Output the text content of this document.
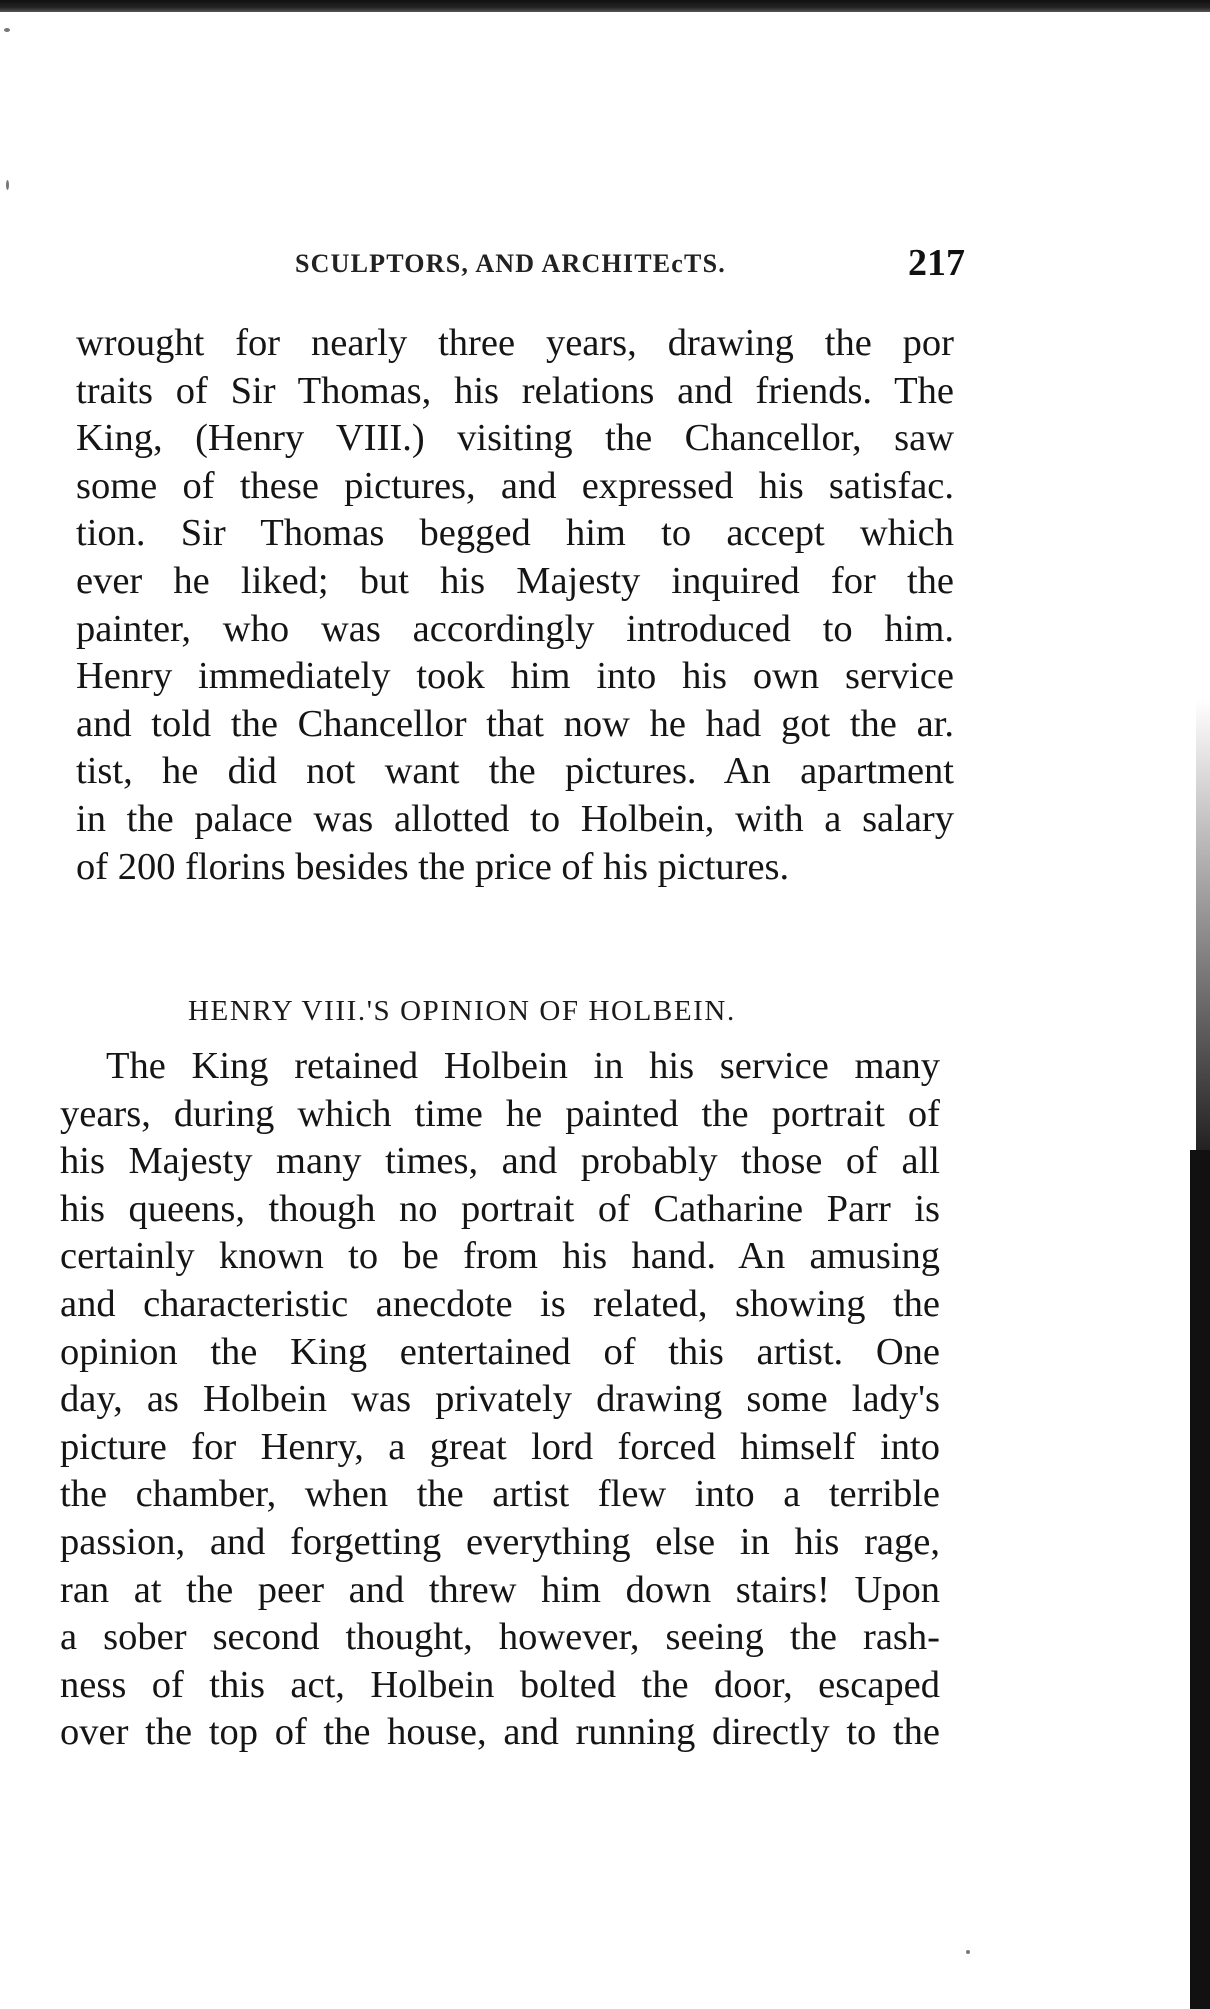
SCULPTORS, AND ARCHITEcTS.	217
wrought for nearly three years, drawing the por
traits of Sir Thomas, his relations and friends. The
King, (Henry VIII.) visiting the Chancellor, saw
some of these pictures, and expressed his satisfac.
tion. Sir Thomas begged him to accept which
ever he liked; but his Majesty inquired for the
painter, who was accordingly introduced to him.
Henry immediately took him into his own service
and told the Chancellor that now he had got the ar.
tist, he did not want the pictures. An apartment
in the palace was allotted to Holbein, with a salary
of 200 florins besides the price of his pictures.
HENRY VIII.'S OPINION OF HOLBEIN.
The King retained Holbein in his service many
years, during which time he painted the portrait of
his Majesty many times, and probably those of all
his queens, though no portrait of Catharine Parr is
certainly known to be from his hand. An amusing
and characteristic anecdote is related, showing the
opinion the King entertained of this artist. One
day, as Holbein was privately drawing some lady's
picture for Henry, a great lord forced himself into
the chamber, when the artist flew into a terrible
passion, and forgetting everything else in his rage,
ran at the peer and threw him down stairs! Upon
a sober second thought, however, seeing the rash-
ness of this act, Holbein bolted the door, escaped
over the top of the house, and running directly to the
